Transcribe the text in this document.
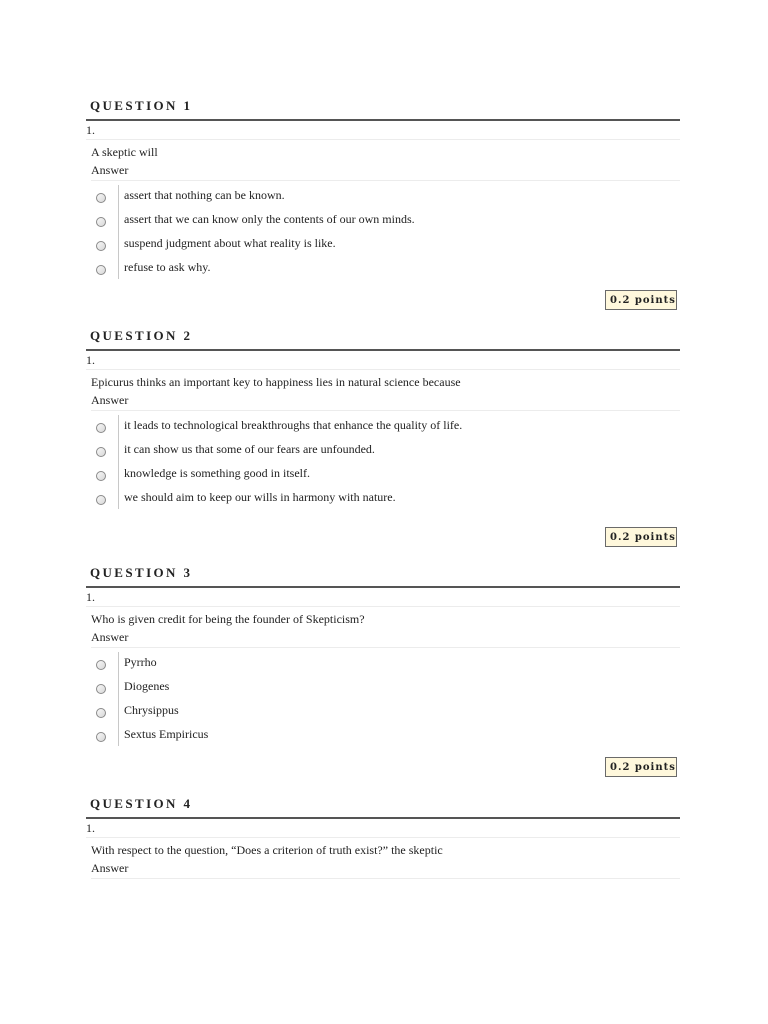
QUESTION 1
1.
A skeptic will
Answer
assert that nothing can be known.
assert that we can know only the contents of our own minds.
suspend judgment about what reality is like.
refuse to ask why.
0.2 points
QUESTION 2
1.
Epicurus thinks an important key to happiness lies in natural science because
Answer
it leads to technological breakthroughs that enhance the quality of life.
it can show us that some of our fears are unfounded.
knowledge is something good in itself.
we should aim to keep our wills in harmony with nature.
0.2 points
QUESTION 3
1.
Who is given credit for being the founder of Skepticism?
Answer
Pyrrho
Diogenes
Chrysippus
Sextus Empiricus
0.2 points
QUESTION 4
1.
With respect to the question, “Does a criterion of truth exist?” the skeptic
Answer
